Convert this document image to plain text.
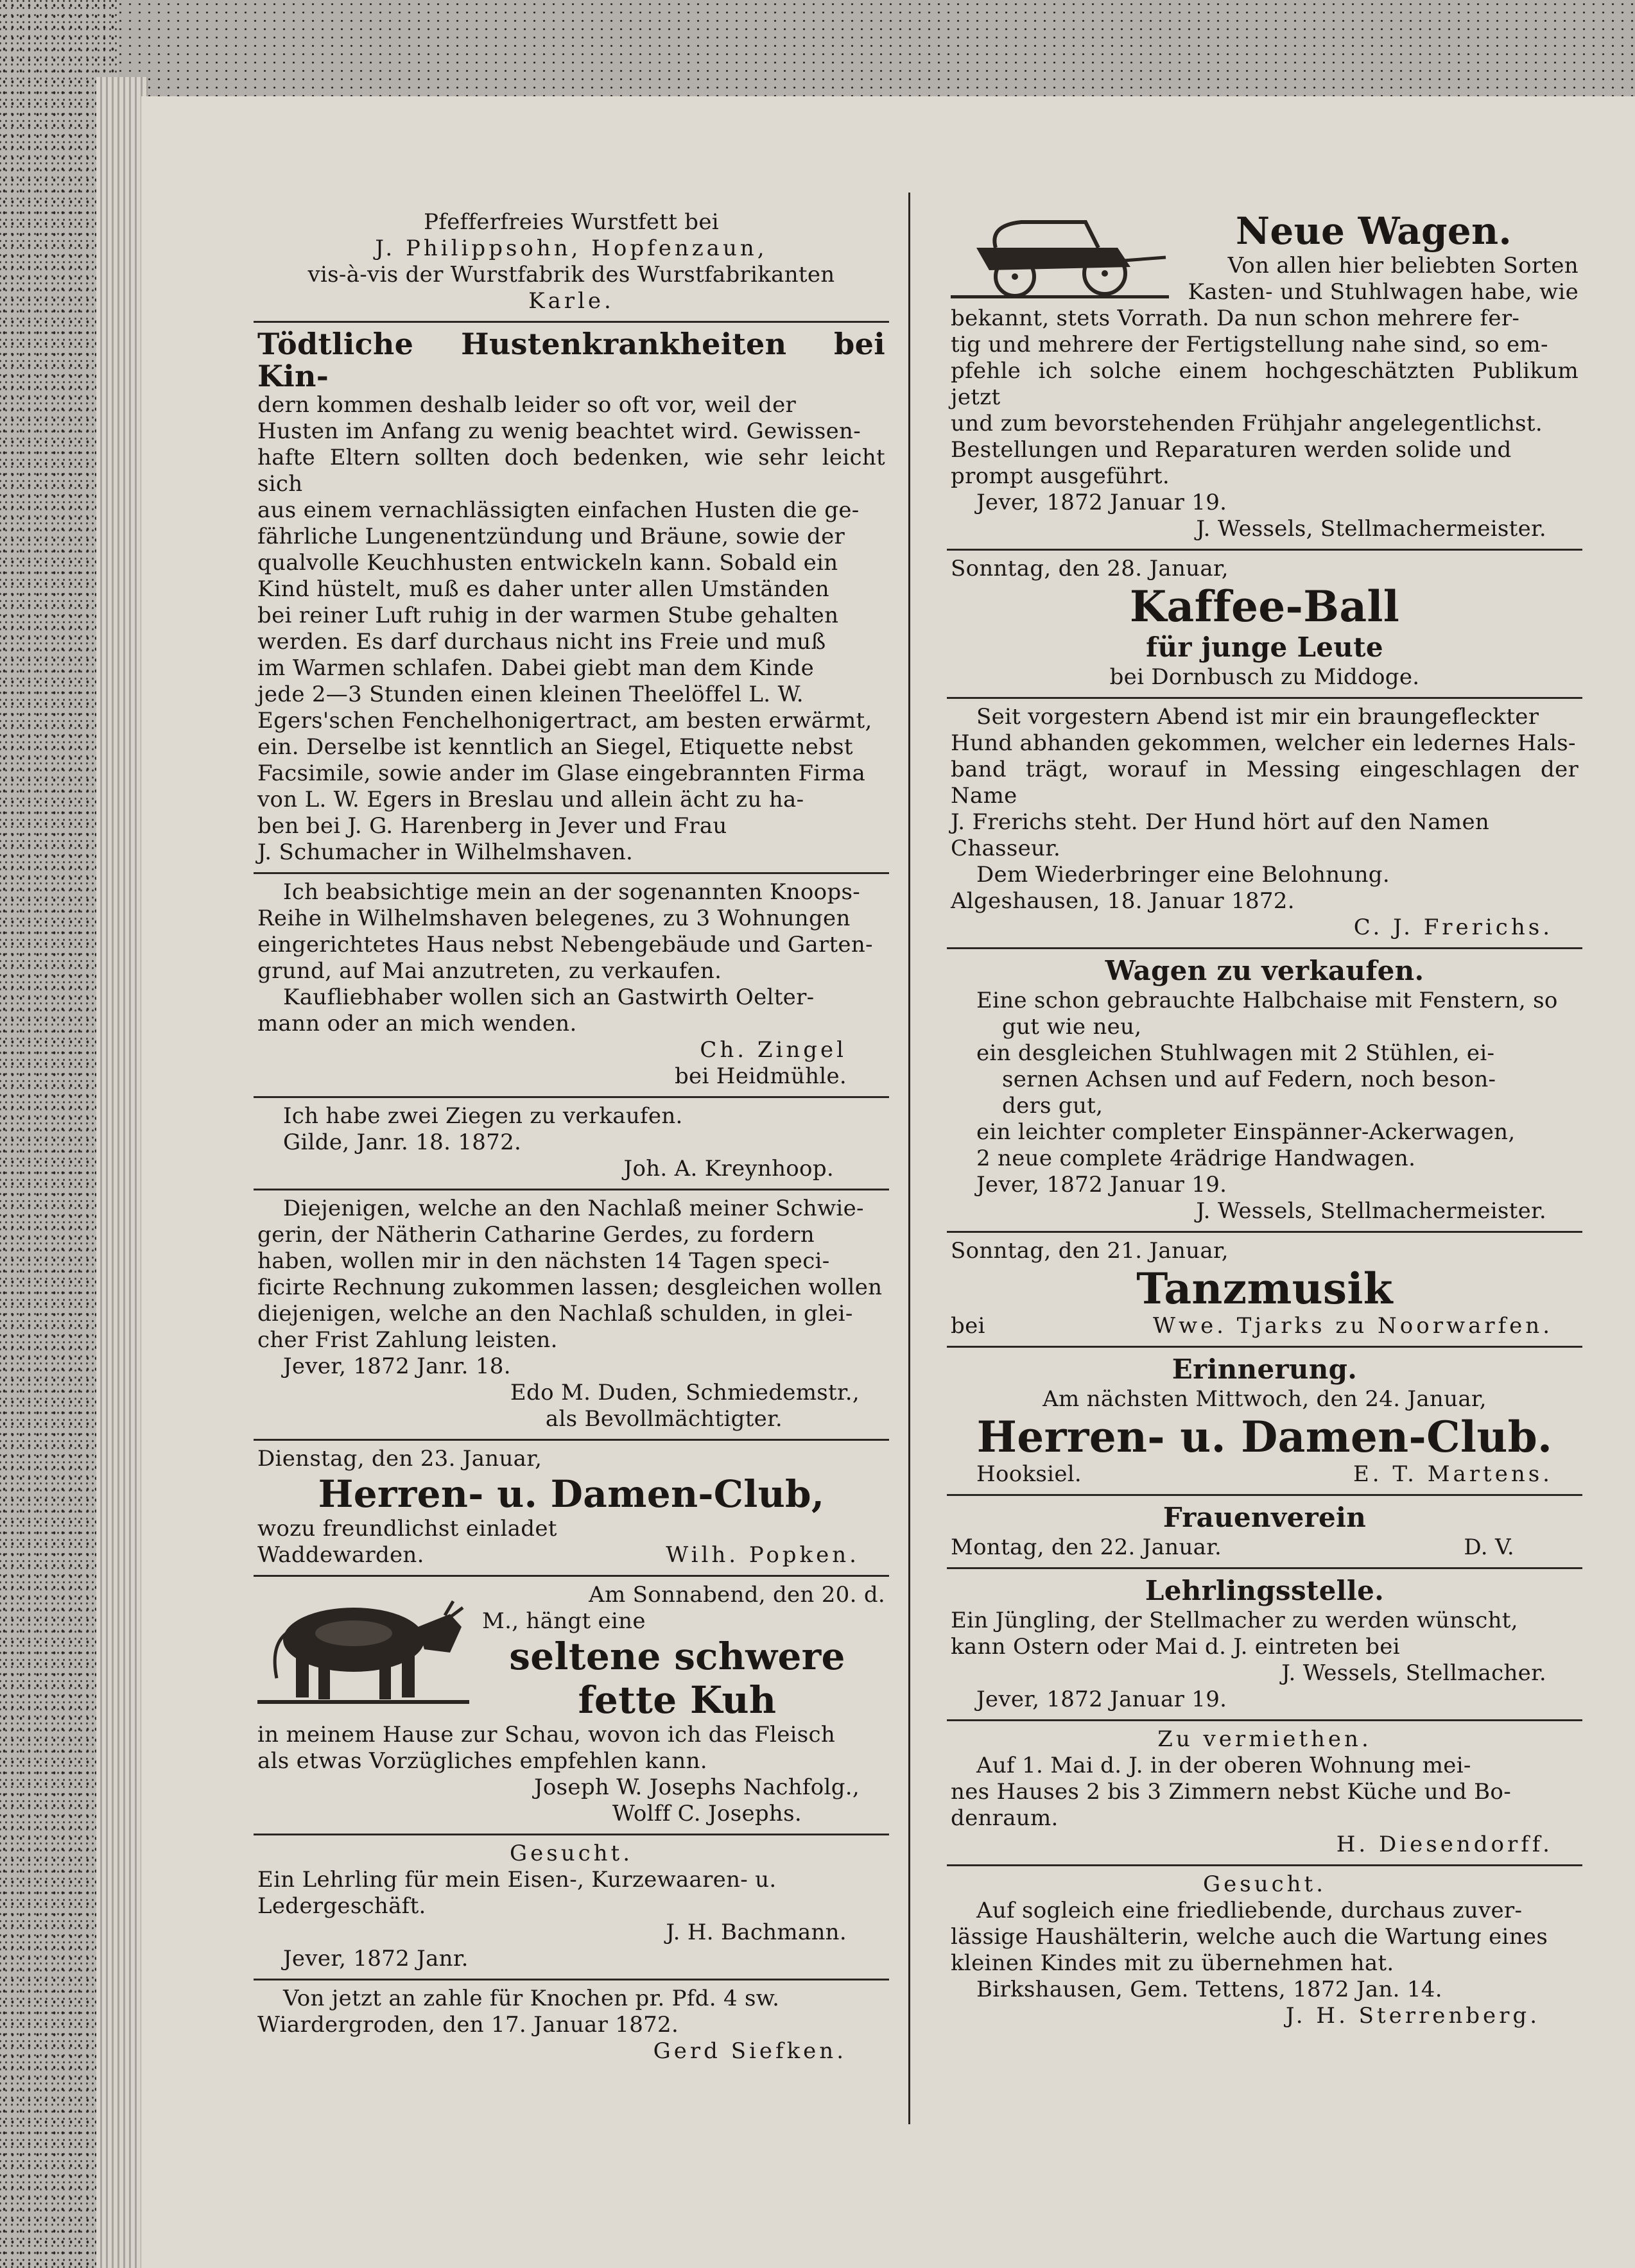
Pfefferfreies Wurstfett bei

J. Philippsohn, Hopfenzaun,

vis-à-vis der Wurstfabrik des Wurstfabrikanten

Karle.

Tödtliche Hustenkrankheiten bei Kin-

dern kommen deshalb leider so oft vor, weil der

Husten im Anfang zu wenig beachtet wird. Gewissen-

hafte Eltern sollten doch bedenken, wie sehr leicht sich

aus einem vernachlässigten einfachen Husten die ge-

fährliche Lungenentzündung und Bräune, sowie der

qualvolle Keuchhusten entwickeln kann. Sobald ein

Kind hüstelt, muß es daher unter allen Umständen

bei reiner Luft ruhig in der warmen Stube gehalten

werden. Es darf durchaus nicht ins Freie und muß

im Warmen schlafen. Dabei giebt man dem Kinde

jede 2—3 Stunden einen kleinen Theelöffel L. W.

Egers'schen Fenchelhonigertract, am besten erwärmt,

ein. Derselbe ist kenntlich an Siegel, Etiquette nebst

Facsimile, sowie ander im Glase eingebrannten Firma

von L. W. Egers in Breslau und allein ächt zu ha-

ben bei J. G. Harenberg in Jever und Frau

J. Schumacher in Wilhelmshaven.

Ich beabsichtige mein an der sogenannten Knoops-

Reihe in Wilhelmshaven belegenes, zu 3 Wohnungen

eingerichtetes Haus nebst Nebengebäude und Garten-

grund, auf Mai anzutreten, zu verkaufen.

Kaufliebhaber wollen sich an Gastwirth Oelter-

mann oder an mich wenden.

Ch. Zingel

bei Heidmühle.

Ich habe zwei Ziegen zu verkaufen.

Gilde, Janr. 18. 1872.

Joh. A. Kreynhoop.

Diejenigen, welche an den Nachlaß meiner Schwie-

gerin, der Nätherin Catharine Gerdes, zu fordern

haben, wollen mir in den nächsten 14 Tagen speci-

ficirte Rechnung zukommen lassen; desgleichen wollen

diejenigen, welche an den Nachlaß schulden, in glei-

cher Frist Zahlung leisten.

Jever, 1872 Janr. 18.

Edo M. Duden, Schmiedemstr.,

als Bevollmächtigter.

Dienstag, den 23. Januar,

Herren- u. Damen-Club,

wozu freundlichst einladet

Waddewarden.	Wilh. Popken.

Am Sonnabend, den 20. d.

M., hängt eine

seltene schwere

fette Kuh

in meinem Hause zur Schau, wovon ich das Fleisch

als etwas Vorzügliches empfehlen kann.

Joseph W. Josephs Nachfolg.,

Wolff C. Josephs.

Gesucht.

Ein Lehrling für mein Eisen-, Kurzewaaren- u.

Ledergeschäft.

J. H. Bachmann.

Jever, 1872 Janr.

Von jetzt an zahle für Knochen pr. Pfd. 4 sw.

Wiardergroden, den 17. Januar 1872.

Gerd Siefken.

Neue Wagen.

Von allen hier beliebten Sorten

Kasten- und Stuhlwagen habe, wie

bekannt, stets Vorrath. Da nun schon mehrere fer-

tig und mehrere der Fertigstellung nahe sind, so em-

pfehle ich solche einem hochgeschätzten Publikum jetzt

und zum bevorstehenden Frühjahr angelegentlichst.

Bestellungen und Reparaturen werden solide und

prompt ausgeführt.

Jever, 1872 Januar 19.

J. Wessels, Stellmachermeister.

Sonntag, den 28. Januar,

Kaffee-Ball

für junge Leute

bei Dornbusch zu Middoge.

Seit vorgestern Abend ist mir ein braungefleckter

Hund abhanden gekommen, welcher ein ledernes Hals-

band trägt, worauf in Messing eingeschlagen der Name

J. Frerichs steht. Der Hund hört auf den Namen

Chasseur.

Dem Wiederbringer eine Belohnung.

Algeshausen, 18. Januar 1872.

C. J. Frerichs.

Wagen zu verkaufen.

Eine schon gebrauchte Halbchaise mit Fenstern, so

gut wie neu,

ein desgleichen Stuhlwagen mit 2 Stühlen, ei-

sernen Achsen und auf Federn, noch beson-

ders gut,

ein leichter completer Einspänner-Ackerwagen,

2 neue complete 4rädrige Handwagen.

Jever, 1872 Januar 19.

J. Wessels, Stellmachermeister.

Sonntag, den 21. Januar,

Tanzmusik

bei	Wwe. Tjarks zu Noorwarfen.

Erinnerung.

Am nächsten Mittwoch, den 24. Januar,

Herren- u. Damen-Club.

Hooksiel.	E. T. Martens.

Frauenverein

Montag, den 22. Januar.	D. V.

Lehrlingsstelle.

Ein Jüngling, der Stellmacher zu werden wünscht,

kann Ostern oder Mai d. J. eintreten bei

J. Wessels, Stellmacher.

Jever, 1872 Januar 19.

Zu vermiethen.

Auf 1. Mai d. J. in der oberen Wohnung mei-

nes Hauses 2 bis 3 Zimmern nebst Küche und Bo-

denraum.

H. Diesendorff.

Gesucht.

Auf sogleich eine friedliebende, durchaus zuver-

lässige Haushälterin, welche auch die Wartung eines

kleinen Kindes mit zu übernehmen hat.

Birkshausen, Gem. Tettens, 1872 Jan. 14.

J. H. Sterrenberg.
